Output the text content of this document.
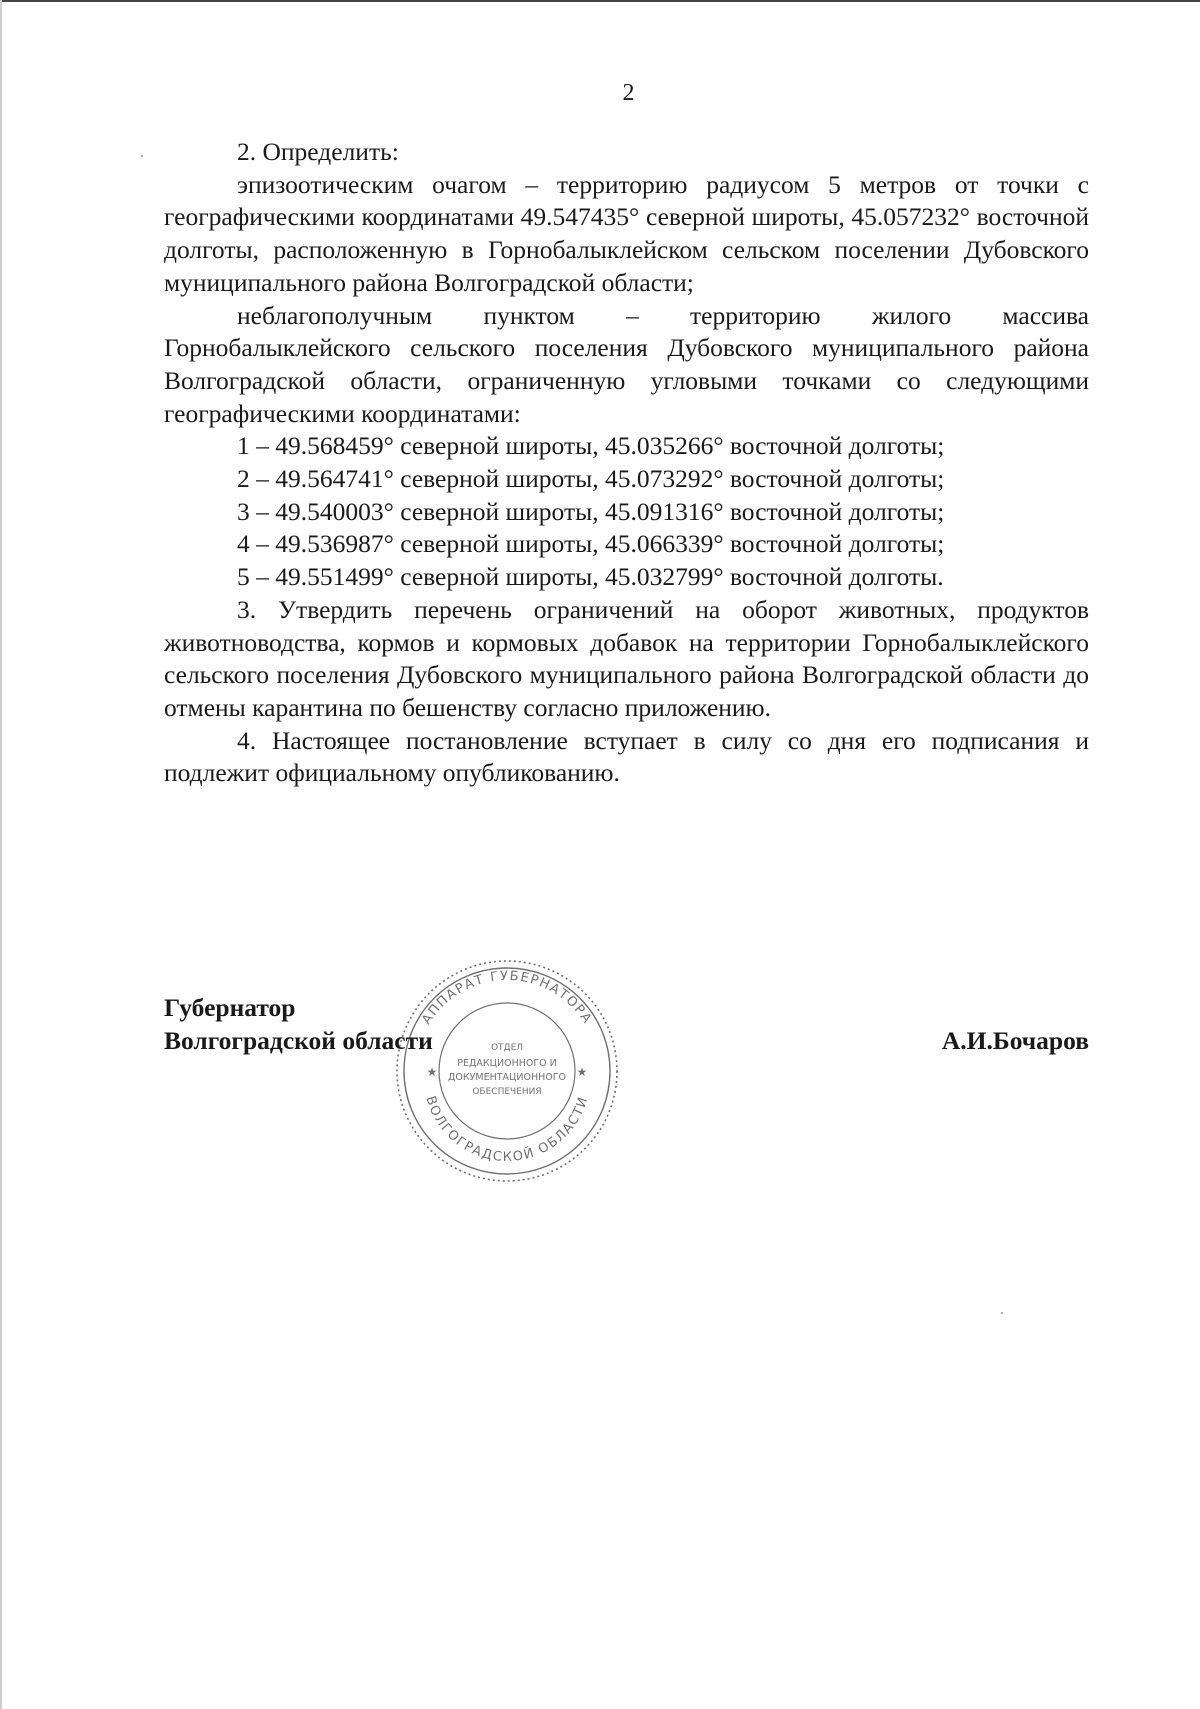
2

2. Определить:

эпизоотическим очагом – территорию радиусом 5 метров от точки с географическими координатами 49.547435° северной широты, 45.057232° восточной долготы, расположенную в Горнобалыклейском сельском поселении Дубовского муниципального района Волгоградской области;

неблагополучным пунктом – территорию жилого массива Горнобалыклейского сельского поселения Дубовского муниципального района Волгоградской области, ограниченную угловыми точками со следующими географическими координатами:

1 – 49.568459° северной широты, 45.035266° восточной долготы;

2 – 49.564741° северной широты, 45.073292° восточной долготы;

3 – 49.540003° северной широты, 45.091316° восточной долготы;

4 – 49.536987° северной широты, 45.066339° восточной долготы;

5 – 49.551499° северной широты, 45.032799° восточной долготы.

3. Утвердить перечень ограничений на оборот животных, продуктов животноводства, кормов и кормовых добавок на территории Горнобалыклейского сельского поселения Дубовского муниципального района Волгоградской области до отмены карантина по бешенству согласно приложению.

4. Настоящее постановление вступает в силу со дня его подписания и подлежит официальному опубликованию.

АППАРАТ ГУБЕРНАТОРА
ВОЛГОГРАДСКОЙ ОБЛАСТИ
ОТДЕЛ
РЕДАКЦИОННОГО И
ДОКУМЕНТАЦИОННОГО
ОБЕСПЕЧЕНИЯ
★	★
Губернатор
Волгоградской области	А.И.Бочаров
